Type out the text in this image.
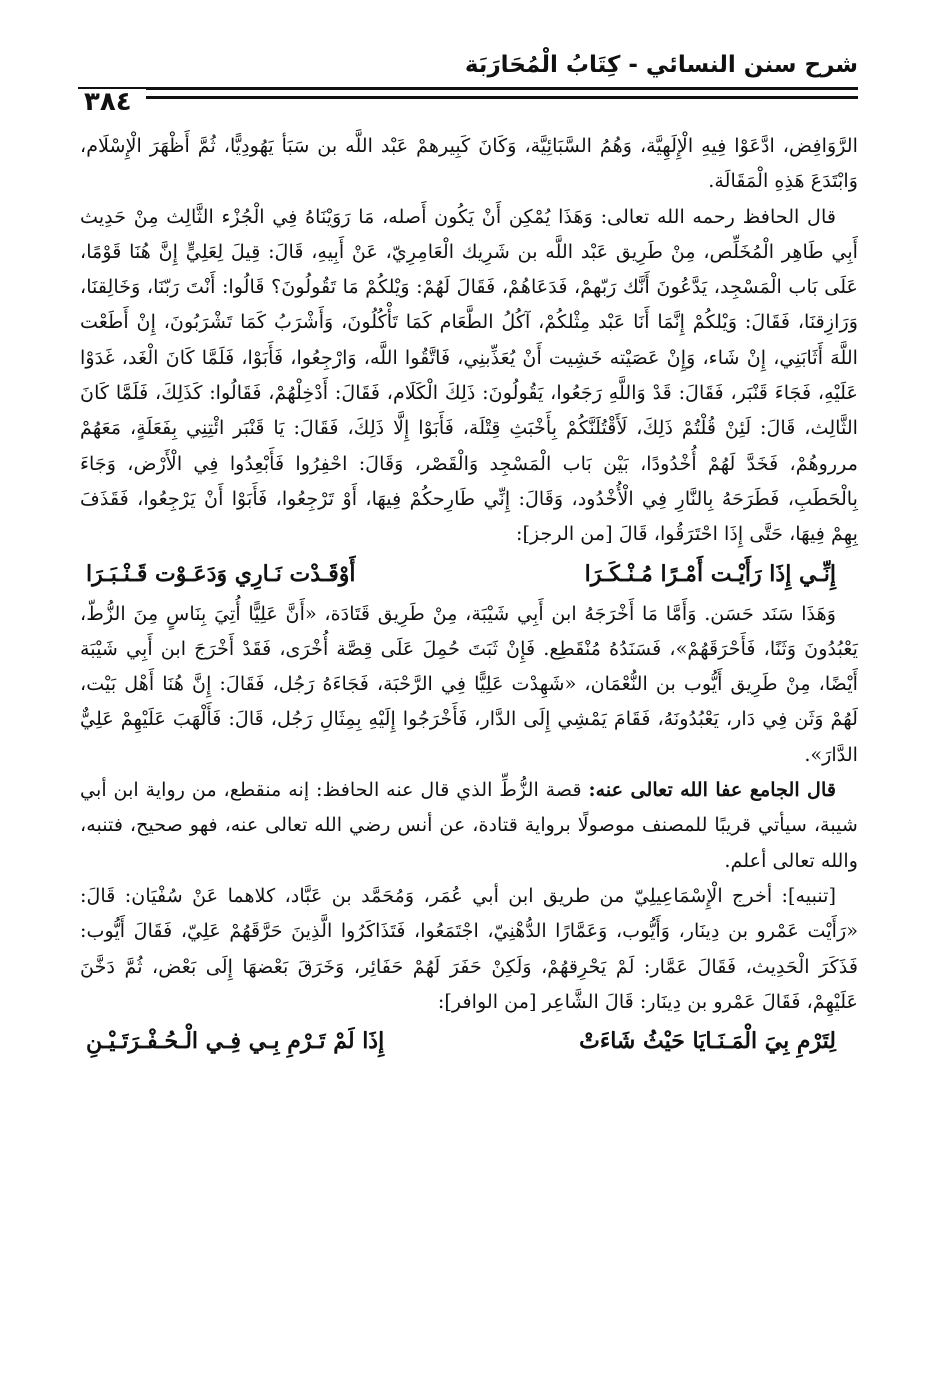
شرح سنن النسائي - كِتَابُ الْمُحَارَبَة
٣٨٤

الرَّوَافِض، ادَّعَوْا فِيهِ الْإِلَهِيَّة، وَهُمُ السَّبَائِيَّة، وَكَانَ كَبِيرهمْ عَبْد اللَّه بن سَبَأ يَهُودِيًّا، ثُمَّ أَظْهَرَ الْإِسْلَام، وَابْتَدَعَ هَذِهِ الْمَقَالَة.

قال الحافظ رحمه الله تعالى: وَهَذَا يُمْكِن أَنْ يَكُون أَصله، مَا رَوَيْنَاهُ فِي الْجُزْء الثَّالِث مِنْ حَدِيث أَبِي طَاهِر الْمُخَلِّص، مِنْ طَرِيق عَبْد اللَّه بن شَرِيك الْعَامِرِيّ، عَنْ أَبِيهِ، قَالَ: قِيلَ لِعَلِيٍّ إِنَّ هُنَا قَوْمًا، عَلَى بَاب الْمَسْجِد، يَدَّعُونَ أَنَّك رَبّهمْ، فَدَعَاهُمْ، فَقَالَ لَهُمْ: وَيْلكُمْ مَا تَقُولُونَ؟ قَالُوا: أَنْتَ رَبّنَا، وَخَالِقنَا، وَرَازِقنَا، فَقَالَ: وَيْلكُمْ إِنَّمَا أَنَا عَبْد مِثْلكُمْ، آكُلُ الطَّعَام كَمَا تَأْكُلُونَ، وَأَشْرَبُ كَمَا تَشْرَبُونَ، إِنْ أَطَعْت اللَّهَ أَثَابَنِي، إِنْ شَاء، وَإِنْ عَصَيْته خَشِيت أَنْ يُعَذِّبنِي، فَاتَّقُوا اللَّه، وَارْجِعُوا، فَأَبَوْا، فَلَمَّا كَانَ الْغَد، غَدَوْا عَلَيْهِ، فَجَاءَ قَنْبَر، فَقَالَ: قَدْ وَاللَّهِ رَجَعُوا، يَقُولُونَ: ذَلِكَ الْكَلَام، فَقَالَ: أَدْخِلْهُمْ، فَقَالُوا: كَذَلِكَ، فَلَمَّا كَانَ الثَّالِث، قَالَ: لَئِنْ قُلْتُمْ ذَلِكَ، لَأَقْتُلَنَّكُمْ بِأَخْبَثِ قِتْلَة، فَأَبَوْا إِلَّا ذَلِكَ، فَقَالَ: يَا قَنْبَر ائْتِنِي بِفَعَلَةٍ، مَعَهُمْ مرروهُمْ، فَخَدَّ لَهُمْ أُخْدُودًا، بَيْن بَاب الْمَسْجِد وَالْقَصْر، وَقَالَ: احْفِرُوا فَأَبْعِدُوا فِي الْأَرْض، وَجَاءَ بِالْحَطَبِ، فَطَرَحَهُ بِالنَّارِ فِي الْأُخْدُود، وَقَالَ: إِنِّي طَارِحكُمْ فِيهَا، أَوْ تَرْجِعُوا، فَأَبَوْا أَنْ يَرْجِعُوا، فَقَذَفَ بِهِمْ فِيهَا، حَتَّى إِذَا احْتَرَقُوا، قَالَ [من الرجز]:

إِنِّـي إِذَا رَأَيْـت أَمْـرًا مُـنْـكَـرَا
أَوْقَـدْت نَـارِي وَدَعَـوْت قَـنْـبَـرَا

وَهَذَا سَنَد حَسَن. وَأَمَّا مَا أَخْرَجَهُ ابن أَبِي شَيْبَة، مِنْ طَرِيق قَتَادَة، «أَنَّ عَلِيًّا أُتِيَ بِنَاسٍ مِنَ الزُّطّ، يَعْبُدُونَ وَثَنًا، فَأَحْرَقَهُمْ»، فَسَنَدُهُ مُنْقَطِع. فَإِنْ ثَبَتَ حُمِلَ عَلَى قِصَّة أُخْرَى، فَقَدْ أَخْرَجَ ابن أَبِي شَيْبَة أَيْضًا، مِنْ طَرِيق أَيُّوب بن النُّعْمَان، «شَهِدْت عَلِيًّا فِي الرَّحْبَة، فَجَاءَهُ رَجُل، فَقَالَ: إِنَّ هُنَا أَهْل بَيْت، لَهُمْ وَثَن فِي دَار، يَعْبُدُونَهُ، فَقَامَ يَمْشِي إِلَى الدَّار، فَأَخْرَجُوا إِلَيْهِ بِمِثَالِ رَجُل، قَالَ: فَأَلْهَبَ عَلَيْهِمْ عَلِيٌّ الدَّارَ».

قال الجامع عفا الله تعالى عنه: قصة الزُّطِّ الذي قال عنه الحافظ: إنه منقطع، من رواية ابن أبي شيبة، سيأتي قريبًا للمصنف موصولًا برواية قتادة، عن أنس رضي الله تعالى عنه، فهو صحيح، فتنبه، والله تعالى أعلم.

[تنبيه]: أخرج الْإِسْمَاعِيلِيّ من طريق ابن أبي عُمَر، وَمُحَمَّد بن عَبَّاد، كلاهما عَنْ سُفْيَان: قَالَ: «رَأَيْت عَمْرو بن دِينَار، وَأَيُّوب، وَعَمَّارًا الدُّهْنِيّ، اجْتَمَعُوا، فَتَذَاكَرُوا الَّذِينَ حَرَّقَهُمْ عَلِيّ، فَقَالَ أَيُّوب: فَذَكَرَ الْحَدِيث، فَقَالَ عَمَّار: لَمْ يَحْرِقهُمْ، وَلَكِنْ حَفَرَ لَهُمْ حَفَائِر، وَخَرَقَ بَعْضهَا إِلَى بَعْض، ثُمَّ دَخَّنَ عَلَيْهِمْ، فَقَالَ عَمْرو بن دِينَار: قَالَ الشَّاعِر [من الوافر]:

لِتَرْمِ بِيَ الْمَـنَـايَا حَيْثُ شَاءَتْ
إِذَا لَمْ تَـرْمِ بِـي فِـي الْـحُـفْـرَتَـيْـنِ
